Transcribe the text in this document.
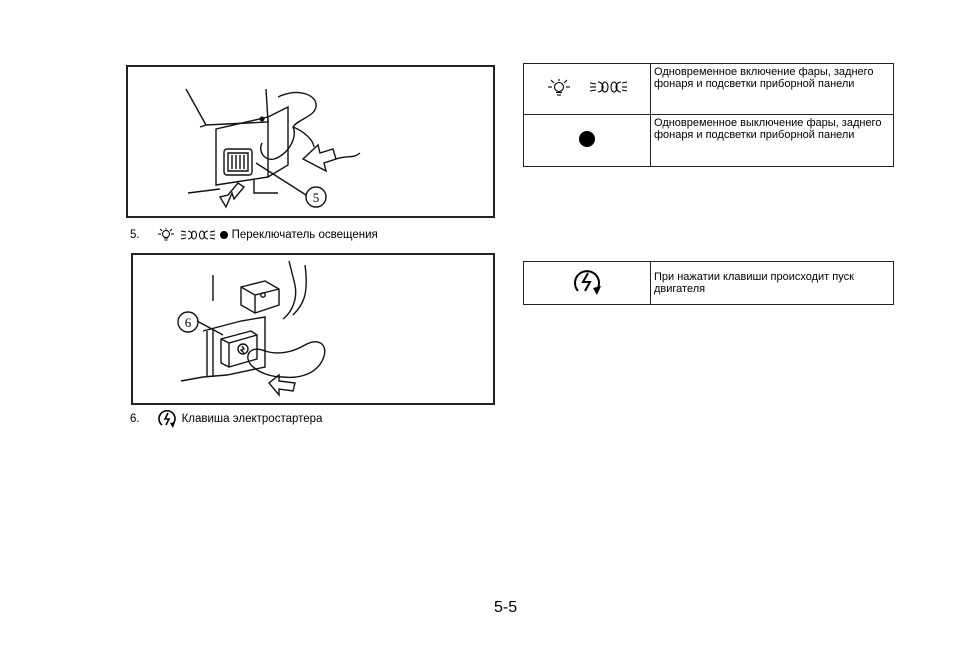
5
5.	Переключатель освещения
6
6.	Клавиша электростартера
	Одновременное включение фары, заднего фонаря и подсветки приборной панели
	Одновременное выключение фары, заднего фонаря и подсветки приборной панели
	При нажатии клавиши происходит пуск двигателя
5-5
